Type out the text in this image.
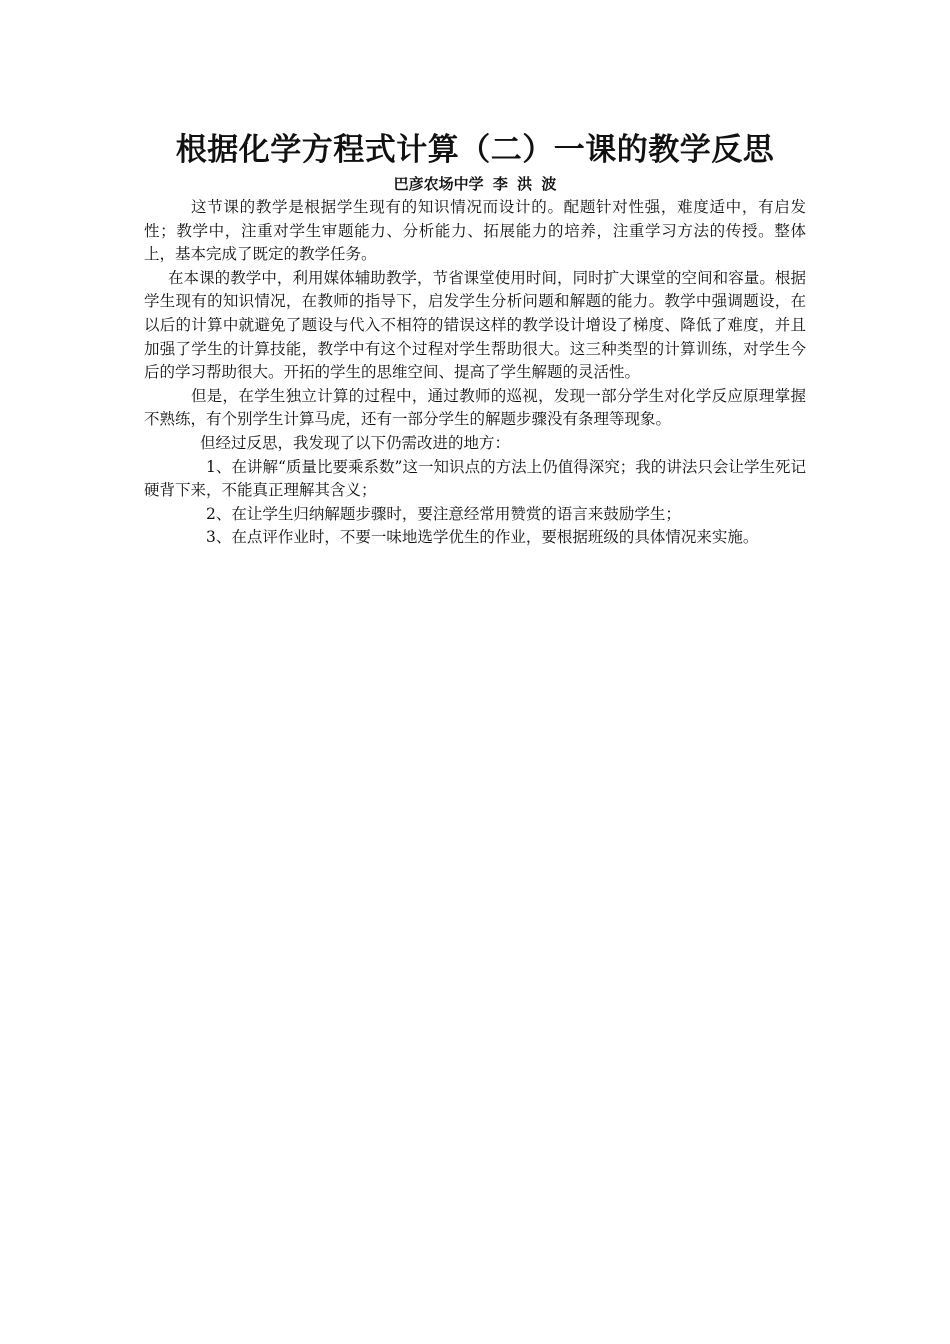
根据化学方程式计算（二）一课的教学反思

巴彦农场中学 李 洪 波

这节课的教学是根据学生现有的知识情况而设计的。配题针对性强，难度适中，有启发性；教学中，注重对学生审题能力、分析能力、拓展能力的培养，注重学习方法的传授。整体上，基本完成了既定的教学任务。

在本课的教学中，利用媒体辅助教学，节省课堂使用时间，同时扩大课堂的空间和容量。根据学生现有的知识情况，在教师的指导下，启发学生分析问题和解题的能力。教学中强调题设，在以后的计算中就避免了题设与代入不相符的错误这样的教学设计增设了梯度、降低了难度，并且加强了学生的计算技能，教学中有这个过程对学生帮助很大。这三种类型的计算训练，对学生今后的学习帮助很大。开拓的学生的思维空间、提高了学生解题的灵活性。

但是，在学生独立计算的过程中，通过教师的巡视，发现一部分学生对化学反应原理掌握不熟练，有个别学生计算马虎，还有一部分学生的解题步骤没有条理等现象。

但经过反思，我发现了以下仍需改进的地方：

1、在讲解“质量比要乘系数”这一知识点的方法上仍值得深究；我的讲法只会让学生死记硬背下来，不能真正理解其含义；

2、在让学生归纳解题步骤时，要注意经常用赞赏的语言来鼓励学生；

3、在点评作业时，不要一味地选学优生的作业，要根据班级的具体情况来实施。
